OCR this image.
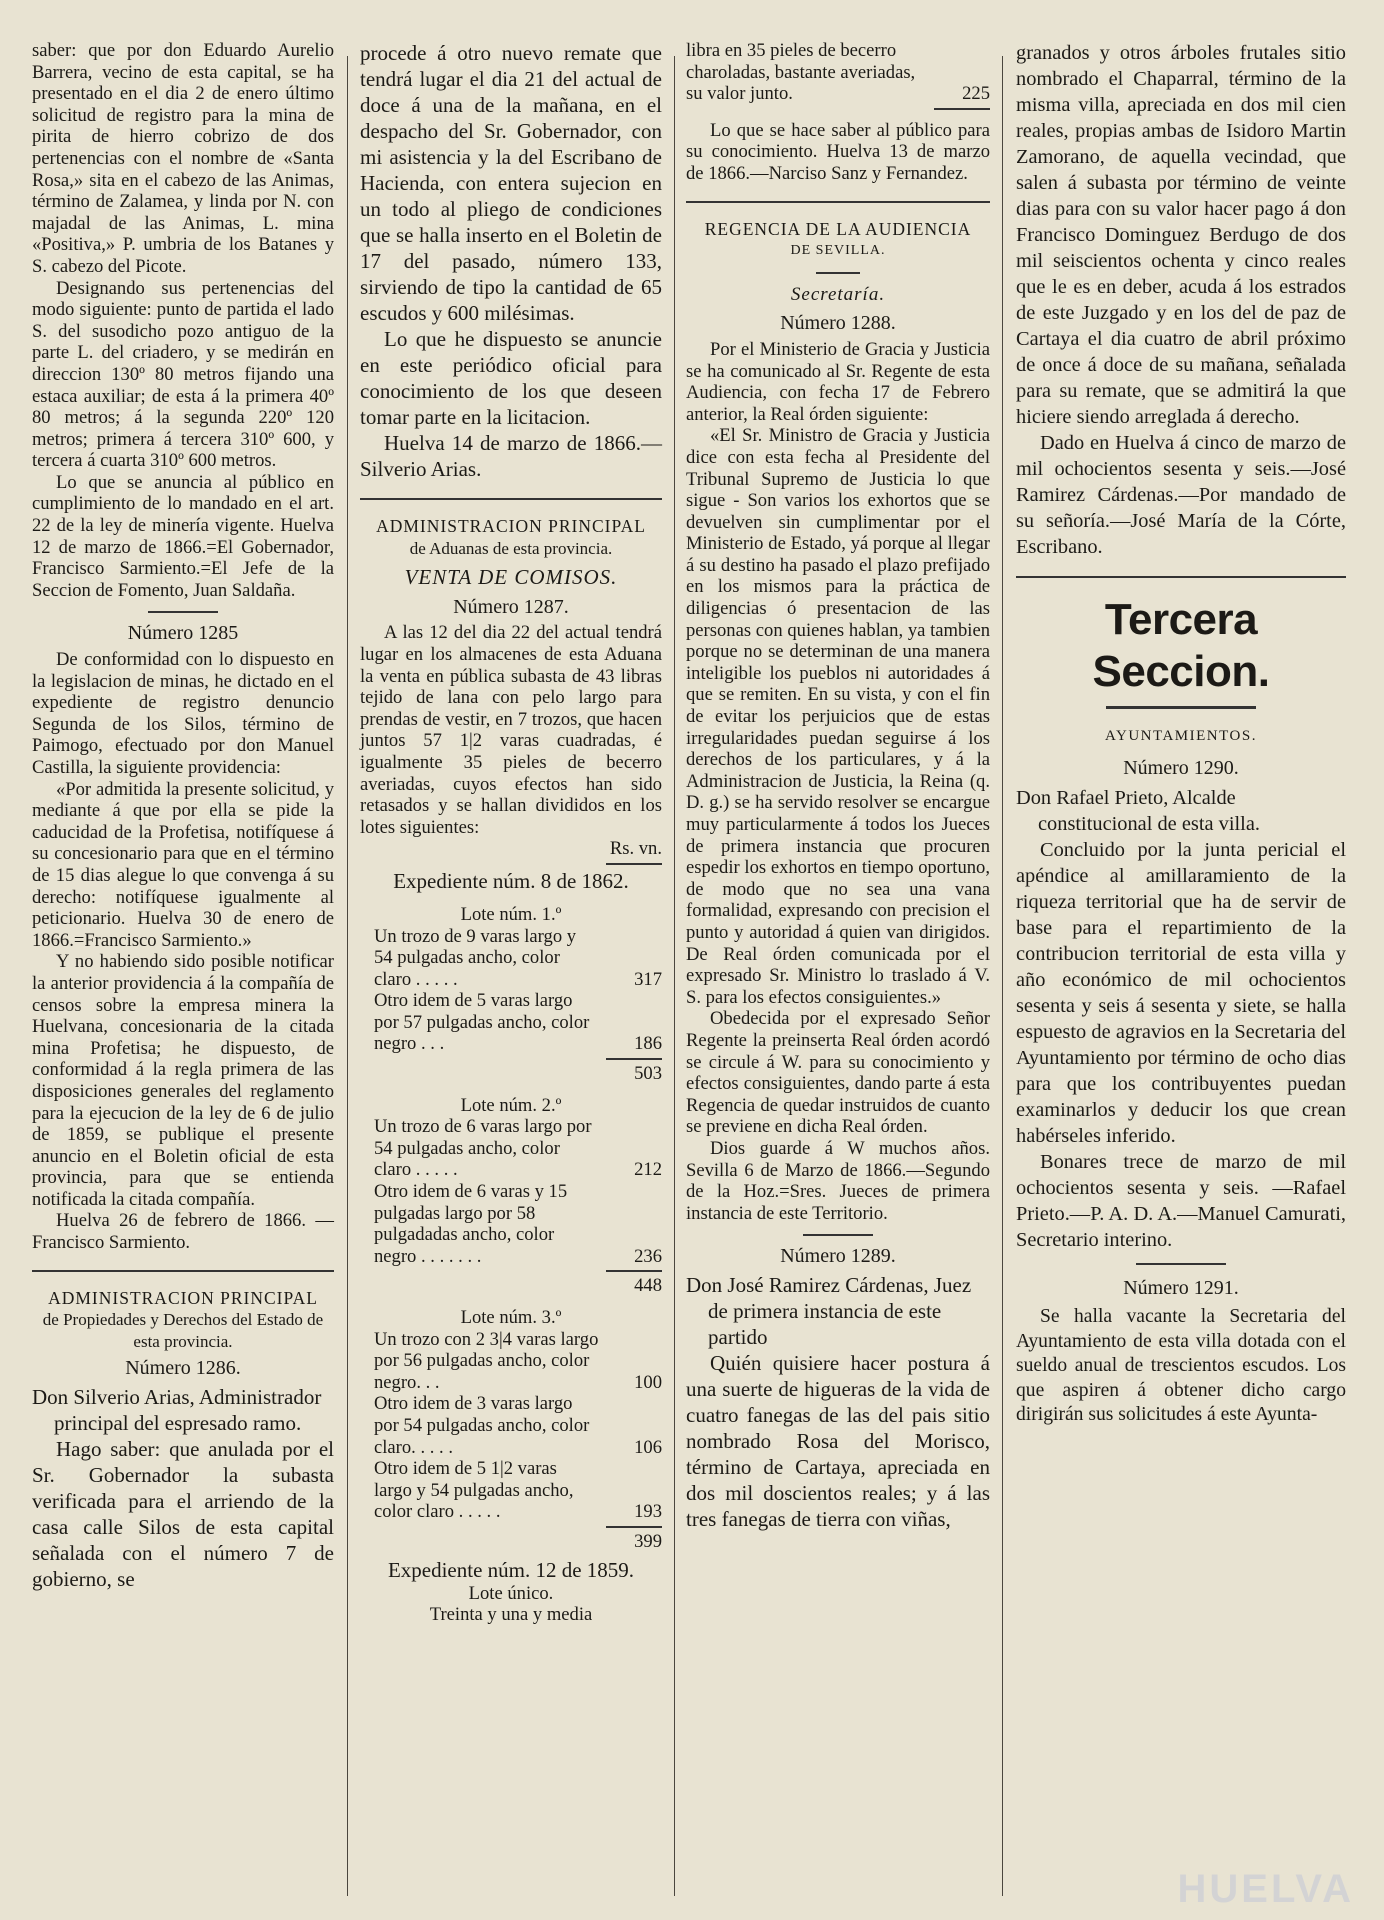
saber: que por don Eduardo Aurelio Barrera, vecino de esta capital, se ha presentado en el dia 2 de enero último solicitud de registro para la mina de pirita de hierro cobrizo de dos pertenencias con el nombre de «Santa Rosa,» sita en el cabezo de las Animas, término de Zalamea, y linda por N. con majadal de las Animas, L. mina «Positiva,» P. umbria de los Batanes y S. cabezo del Picote.

Designando sus pertenencias del modo siguiente: punto de partida el lado S. del susodicho pozo antiguo de la parte L. del criadero, y se medirán en direccion 130º 80 metros fijando una estaca auxiliar; de esta á la primera 40º 80 metros; á la segunda 220º 120 metros; primera á tercera 310º 600, y tercera á cuarta 310º 600 metros.

Lo que se anuncia al público en cumplimiento de lo mandado en el art. 22 de la ley de minería vigente. Huelva 12 de marzo de 1866.=El Gobernador, Francisco Sarmiento.=El Jefe de la Seccion de Fomento, Juan Saldaña.

Número 1285

De conformidad con lo dispuesto en la legislacion de minas, he dictado en el expediente de registro denuncio Segunda de los Silos, término de Paimogo, efectuado por don Manuel Castilla, la siguiente providencia:

«Por admitida la presente solicitud, y mediante á que por ella se pide la caducidad de la Profetisa, notifíquese á su concesionario para que en el término de 15 dias alegue lo que convenga á su derecho: notifíquese igualmente al peticionario. Huelva 30 de enero de 1866.=Francisco Sarmiento.»

Y no habiendo sido posible notificar la anterior providencia á la compañía de censos sobre la empresa minera la Huelvana, concesionaria de la citada mina Profetisa; he dispuesto, de conformidad á la regla primera de las disposiciones generales del reglamento para la ejecucion de la ley de 6 de julio de 1859, se publique el presente anuncio en el Boletin oficial de esta provincia, para que se entienda notificada la citada compañía.

Huelva 26 de febrero de 1866. —Francisco Sarmiento.

ADMINISTRACION PRINCIPAL

de Propiedades y Derechos del Estado de esta provincia.

Número 1286.

Don Silverio Arias, Administrador principal del espresado ramo.

Hago saber: que anulada por el Sr. Gobernador la subasta verificada para el arriendo de la casa calle Silos de esta capital señalada con el número 7 de gobierno, se

procede á otro nuevo remate que tendrá lugar el dia 21 del actual de doce á una de la mañana, en el despacho del Sr. Gobernador, con mi asistencia y la del Escribano de Hacienda, con entera sujecion en un todo al pliego de condiciones que se halla inserto en el Boletin de 17 del pasado, número 133, sirviendo de tipo la cantidad de 65 escudos y 600 milésimas.

Lo que he dispuesto se anuncie en este periódico oficial para conocimiento de los que deseen tomar parte en la licitacion.

Huelva 14 de marzo de 1866.—Silverio Arias.

ADMINISTRACION PRINCIPAL

de Aduanas de esta provincia.

VENTA DE COMISOS.

Número 1287.

A las 12 del dia 22 del actual tendrá lugar en los almacenes de esta Aduana la venta en pública subasta de 43 libras tejido de lana con pelo largo para prendas de vestir, en 7 trozos, que hacen juntos 57 1|2 varas cuadradas, é igualmente 35 pieles de becerro averiadas, cuyos efectos han sido retasados y se hallan divididos en los lotes siguientes:

Rs. vn.

Expediente núm. 8 de 1862.

Lote núm. 1.º

Un trozo de 9 varas largo y 54 pulgadas ancho, color claro . . . . .	317
Otro idem de 5 varas largo por 57 pulgadas ancho, color negro . . .	186

503

Lote núm. 2.º

Un trozo de 6 varas largo por 54 pulgadas ancho, color claro . . . . .	212
Otro idem de 6 varas y 15 pulgadas largo por 58 pulgadadas ancho, color negro . . . . . . .	236

448

Lote núm. 3.º

Un trozo con 2 3|4 varas largo por 56 pulgadas ancho, color negro. . .	100
Otro idem de 3 varas largo por 54 pulgadas ancho, color claro. . . . .	106
Otro idem de 5 1|2 varas largo y 54 pulgadas ancho, color claro . . . . .	193

399

Expediente núm. 12 de 1859.

Lote único.

Treinta y una y media

libra en 35 pieles de becerro charoladas, bastante averiadas, su valor junto.	225

Lo que se hace saber al público para su conocimiento. Huelva 13 de marzo de 1866.—Narciso Sanz y Fernandez.

REGENCIA DE LA AUDIENCIA

DE SEVILLA.

Secretaría.

Número 1288.

Por el Ministerio de Gracia y Justicia se ha comunicado al Sr. Regente de esta Audiencia, con fecha 17 de Febrero anterior, la Real órden siguiente:

«El Sr. Ministro de Gracia y Justicia dice con esta fecha al Presidente del Tribunal Supremo de Justicia lo que sigue - Son varios los exhortos que se devuelven sin cumplimentar por el Ministerio de Estado, yá porque al llegar á su destino ha pasado el plazo prefijado en los mismos para la práctica de diligencias ó presentacion de las personas con quienes hablan, ya tambien porque no se determinan de una manera inteligible los pueblos ni autoridades á que se remiten. En su vista, y con el fin de evitar los perjuicios que de estas irregularidades puedan seguirse á los derechos de los particulares, y á la Administracion de Justicia, la Reina (q. D. g.) se ha servido resolver se encargue muy particularmente á todos los Jueces de primera instancia que procuren espedir los exhortos en tiempo oportuno, de modo que no sea una vana formalidad, expresando con precision el punto y autoridad á quien van dirigidos. De Real órden comunicada por el expresado Sr. Ministro lo traslado á V. S. para los efectos consiguientes.»

Obedecida por el expresado Señor Regente la preinserta Real órden acordó se circule á W. para su conocimiento y efectos consiguientes, dando parte á esta Regencia de quedar instruidos de cuanto se previene en dicha Real órden.

Dios guarde á W muchos años. Sevilla 6 de Marzo de 1866.—Segundo de la Hoz.=Sres. Jueces de primera instancia de este Territorio.

Número 1289.

Don José Ramirez Cárdenas, Juez de primera instancia de este partido

Quién quisiere hacer postura á una suerte de higueras de la vida de cuatro fanegas de las del pais sitio nombrado Rosa del Morisco, término de Cartaya, apreciada en dos mil doscientos reales; y á las tres fanegas de tierra con viñas,

granados y otros árboles frutales sitio nombrado el Chaparral, término de la misma villa, apreciada en dos mil cien reales, propias ambas de Isidoro Martin Zamorano, de aquella vecindad, que salen á subasta por término de veinte dias para con su valor hacer pago á don Francisco Dominguez Berdugo de dos mil seiscientos ochenta y cinco reales que le es en deber, acuda á los estrados de este Juzgado y en los del de paz de Cartaya el dia cuatro de abril próximo de once á doce de su mañana, señalada para su remate, que se admitirá la que hiciere siendo arreglada á derecho.

Dado en Huelva á cinco de marzo de mil ochocientos sesenta y seis.—José Ramirez Cárdenas.—Por mandado de su señoría.—José María de la Córte, Escribano.

Tercera Seccion.

AYUNTAMIENTOS.

Número 1290.

Don Rafael Prieto, Alcalde constitucional de esta villa.

Concluido por la junta pericial el apéndice al amillaramiento de la riqueza territorial que ha de servir de base para el repartimiento de la contribucion territorial de esta villa y año económico de mil ochocientos sesenta y seis á sesenta y siete, se halla espuesto de agravios en la Secretaria del Ayuntamiento por término de ocho dias para que los contribuyentes puedan examinarlos y deducir los que crean habérseles inferido.

Bonares trece de marzo de mil ochocientos sesenta y seis. —Rafael Prieto.—P. A. D. A.—Manuel Camurati, Secretario interino.

Número 1291.

Se halla vacante la Secretaria del Ayuntamiento de esta villa dotada con el sueldo anual de trescientos escudos. Los que aspiren á obtener dicho cargo dirigirán sus solicitudes á este Ayunta-

HUELVA
